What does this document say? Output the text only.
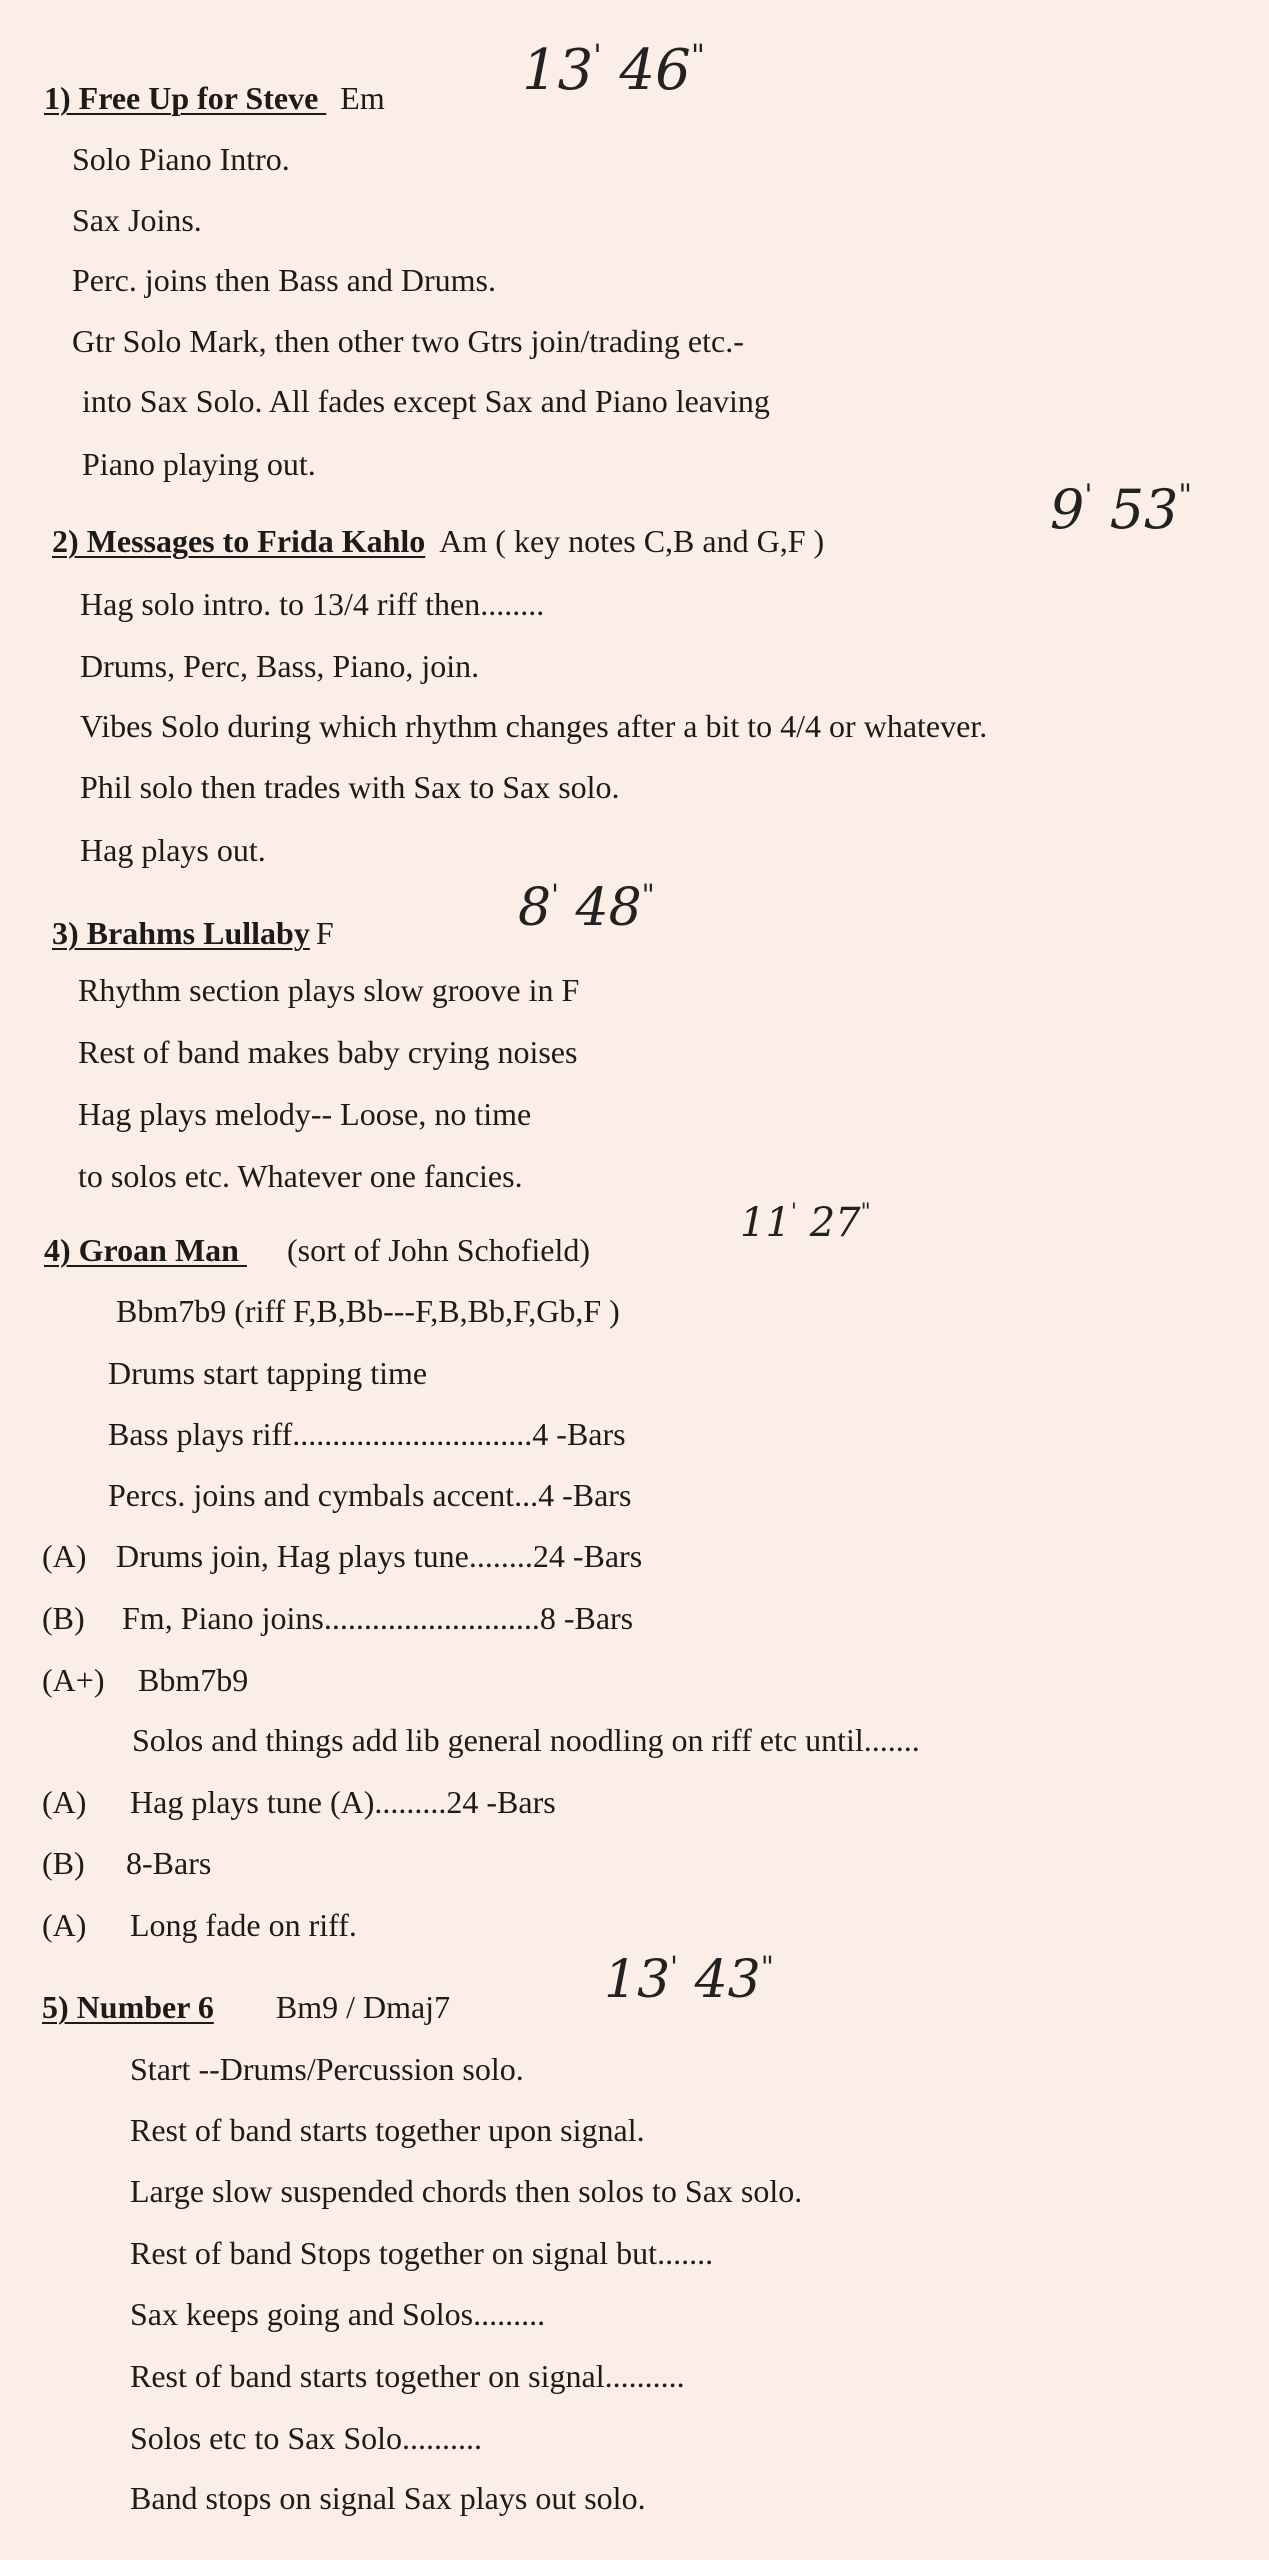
1) Free Up for Steve Em 13' 46"
Solo Piano Intro.
Sax Joins.
Perc. joins then Bass and Drums.
Gtr Solo Mark, then other two Gtrs join/trading etc.-
into Sax Solo. All fades except Sax and Piano leaving
Piano playing out.
2) Messages to Frida Kahlo Am ( key notes C,B and G,F )	9' 53"
Hag solo intro. to 13/4 riff then........
Drums, Perc, Bass, Piano, join.
Vibes Solo during which rhythm changes after a bit to 4/4 or whatever.
Phil solo then trades with Sax to Sax solo.
Hag plays out.
3) Brahms Lullaby F	8' 48"
Rhythm section plays slow groove in F
Rest of band makes baby crying noises
Hag plays melody-- Loose, no time
to solos etc. Whatever one fancies.
4) Groan Man (sort of John Schofield)
11' 27"
Bbm7b9 (riff F,B,Bb---F,B,Bb,F,Gb,F )
Drums start tapping time
Bass plays riff..............................4 -Bars
Percs. joins and cymbals accent...4 -Bars
(A) Drums join, Hag plays tune........24 -Bars
(B) Fm, Piano joins...........................8 -Bars
(A+) Bbm7b9
Solos and things add lib general noodling on riff etc until.......
(A) Hag plays tune (A).........24 -Bars
(B) 8-Bars
(A) Long fade on riff.
5) Number 6 Bm9 / Dmaj7	13' 43"
Start --Drums/Percussion solo.
Rest of band starts together upon signal.
Large slow suspended chords then solos to Sax solo.
Rest of band Stops together on signal but.......
Sax keeps going and Solos.........
Rest of band starts together on signal..........
Solos etc to Sax Solo..........
Band stops on signal Sax plays out solo.
